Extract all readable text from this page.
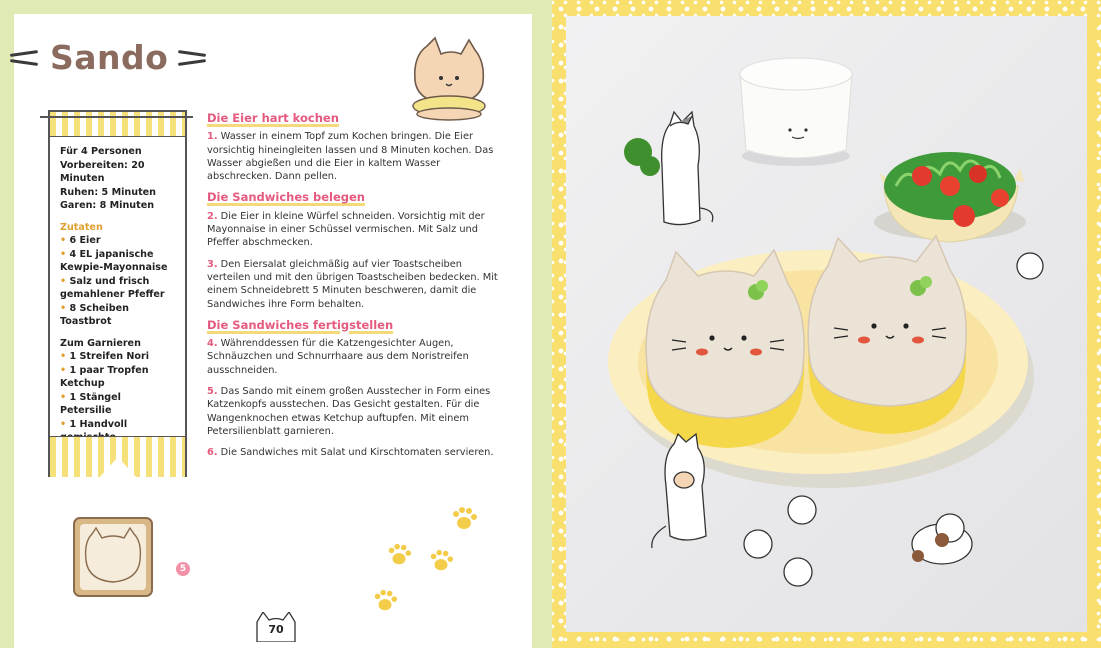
Sando
Für 4 Personen
Vorbereiten: 20 Minuten
Ruhen: 5 Minuten
Garen: 8 Minuten
Zutaten
• 6 Eier
• 4 EL japanische Kewpie-Mayonnaise
• Salz und frisch gemahlener Pfeffer
• 8 Scheiben Toastbrot
Zum Garnieren
• 1 Streifen Nori
• 1 paar Tropfen Ketchup
• 1 Stängel Petersilie
• 1 Handvoll
•
Die Eier hart kochen

1. Wasser in einem Topf zum Kochen bringen. Die Eier vorsichtig hineingleiten lassen und 8 Minuten kochen. Das Wasser abgießen und die Eier in kaltem Wasser abschrecken. Dann pellen.

Die Sandwiches belegen

2. Die Eier in kleine Würfel schneiden. Vorsichtig mit der Mayonnaise in einer Schüssel vermischen. Mit Salz und Pfeffer abschmecken.

3. Den Eiersalat gleichmäßig auf vier Toastscheiben verteilen und mit den übrigen Toastscheiben bedecken. Mit einem Schneidebrett 5 Minuten beschweren, damit die Sandwiches ihre Form behalten.

Die Sandwiches fertigstellen

4. Währenddessen für die Katzengesichter Augen, Schnäuzchen und Schnurrhaare aus dem Noristreifen ausschneiden.

5. Das Sando mit einem großen Ausstecher in Form eines Katzenkopfs ausstechen. Das Gesicht gestalten. Für die Wangenknochen etwas Ketchup auftupfen. Mit einem Petersilienblatt garnieren.

6. Die Sandwiches mit Salat und Kirschtomaten servieren.

5
70
